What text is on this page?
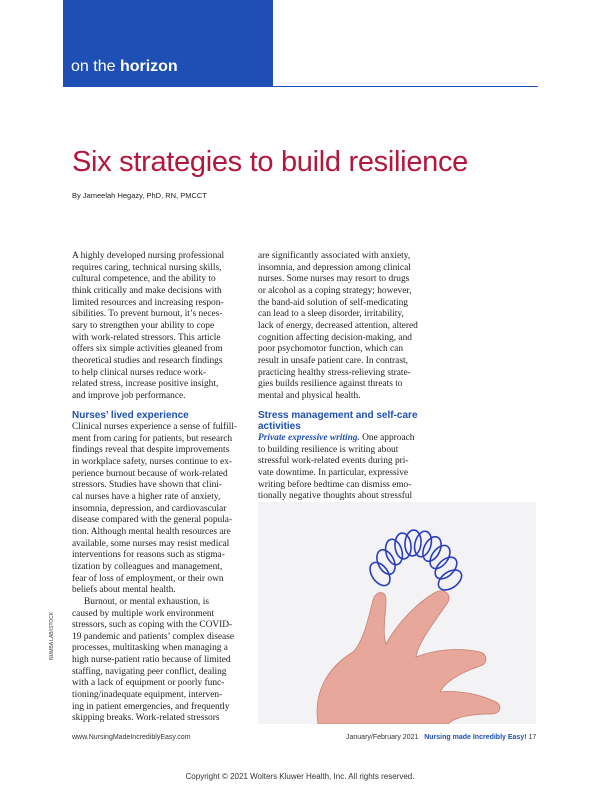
on the horizon
Six strategies to build resilience
By Jameelah Hegazy, PhD, RN, PMCCT

A highly developed nursing professional

requires caring, technical nursing skills,

cultural competence, and the ability to

think critically and make decisions with

limited resources and increasing respon-

sibilities. To prevent burnout, it’s neces-

sary to strengthen your ability to cope

with work-related stressors. This article

offers six simple activities gleaned from

theoretical studies and research findings

to help clinical nurses reduce work-

related stress, increase positive insight,

and improve job performance.

Nurses’ lived experience

Clinical nurses experience a sense of fulfill-

ment from caring for patients, but research

findings reveal that despite improvements

in workplace safety, nurses continue to ex-

perience burnout because of work-related

stressors. Studies have shown that clini-

cal nurses have a higher rate of anxiety,

insomnia, depression, and cardiovascular

disease compared with the general popula-

tion. Although mental health resources are

available, some nurses may resist medical

interventions for reasons such as stigma-

tization by colleagues and management,

fear of loss of employment, or their own

beliefs about mental health.

Burnout, or mental exhaustion, is

caused by multiple work environment

stressors, such as coping with the COVID-

19 pandemic and patients’ complex disease

processes, multitasking when managing a

high nurse-patient ratio because of limited

staffing, navigating peer conflict, dealing

with a lack of equipment or poorly func-

tioning/inadequate equipment, interven-

ing in patient emergencies, and frequently

skipping breaks. Work-related stressors

are significantly associated with anxiety,

insomnia, and depression among clinical

nurses. Some nurses may resort to drugs

or alcohol as a coping strategy; however,

the band-aid solution of self-medicating

can lead to a sleep disorder, irritability,

lack of energy, decreased attention, altered

cognition affecting decision-making, and

poor psychomotor function, which can

result in unsafe patient care. In contrast,

practicing healthy stress-relieving strate-

gies builds resilience against threats to

mental and physical health.

Stress management and self-care
activities

Private expressive writing. One approach

to building resilience is writing about

stressful work-related events during pri-

vate downtime. In particular, expressive

writing before bedtime can dismiss emo-

tionally negative thoughts about stressful

NUMBA LAB/iSTOCK
www.NursingMadeIncrediblyEasy.com	January/February 2021 Nursing made Incredibly Easy! 17
Copyright © 2021 Wolters Kluwer Health, Inc. All rights reserved.
